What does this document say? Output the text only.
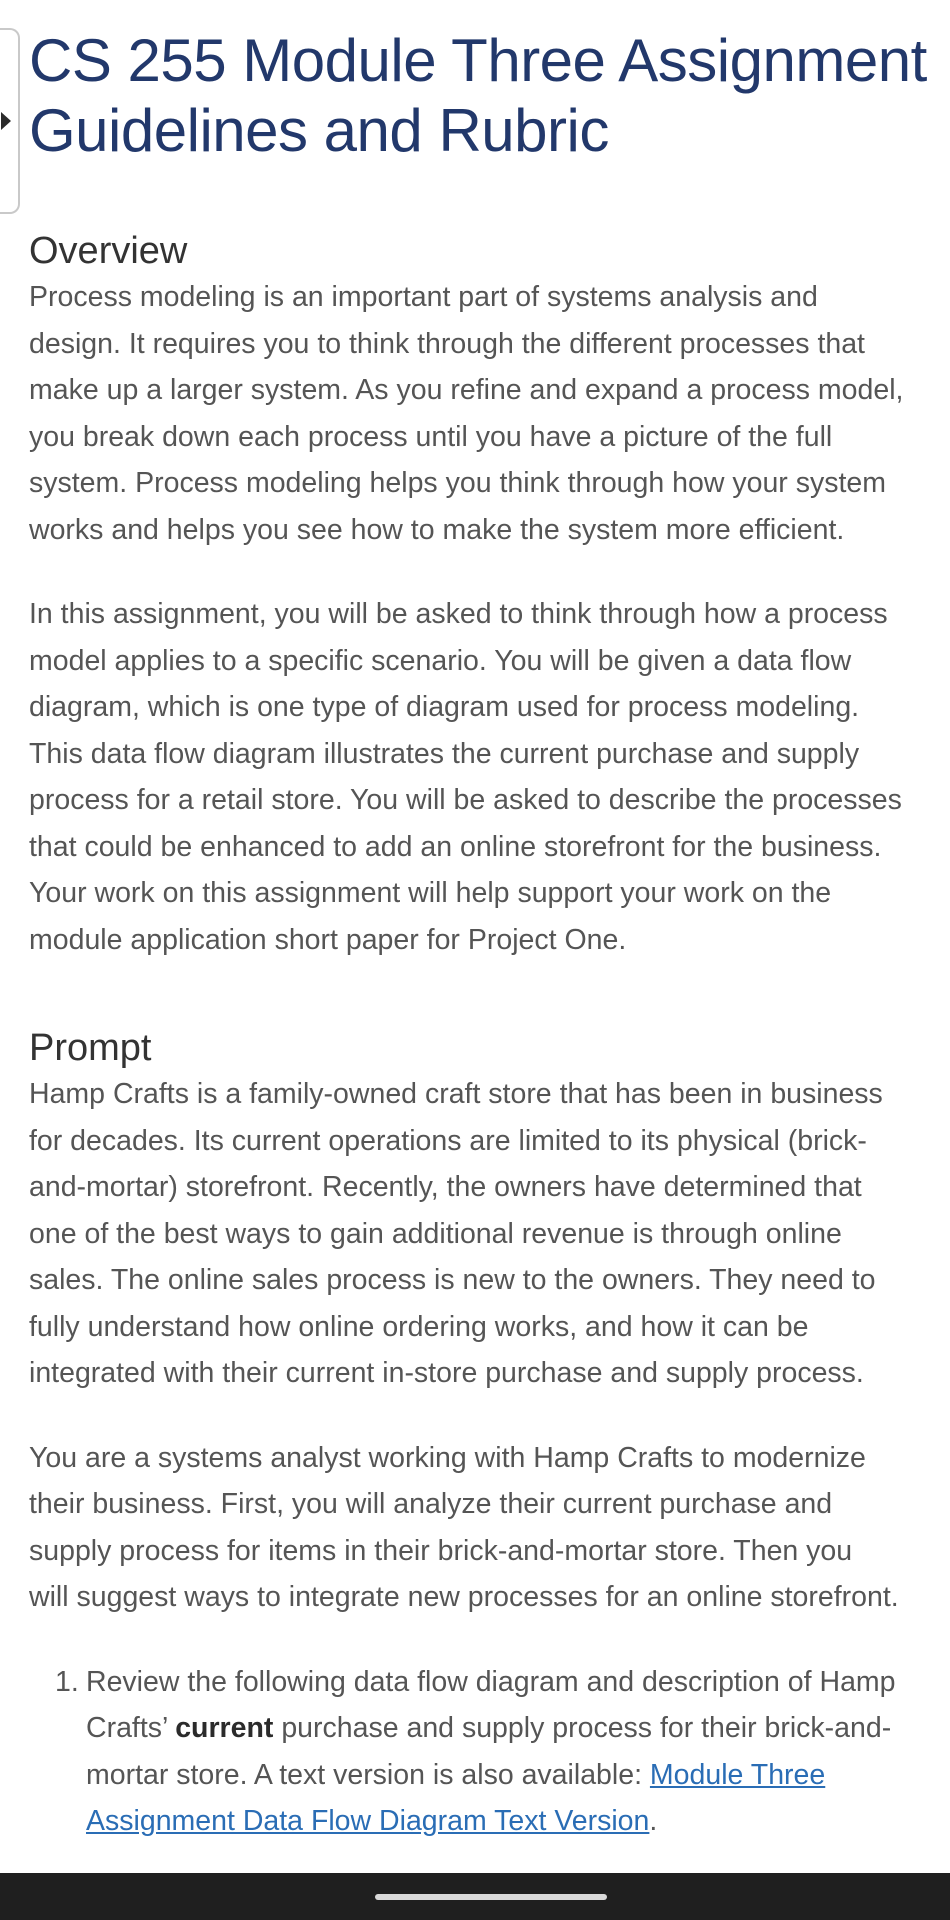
CS 255 Module Three Assignment
Guidelines and Rubric
Overview

Process modeling is an important part of systems analysis and
design. It requires you to think through the different processes that
make up a larger system. As you refine and expand a process model,
you break down each process until you have a picture of the full
system. Process modeling helps you think through how your system
works and helps you see how to make the system more efficient.

In this assignment, you will be asked to think through how a process
model applies to a specific scenario. You will be given a data flow
diagram, which is one type of diagram used for process modeling.
This data flow diagram illustrates the current purchase and supply
process for a retail store. You will be asked to describe the processes
that could be enhanced to add an online storefront for the business.
Your work on this assignment will help support your work on the
module application short paper for Project One.

Prompt

Hamp Crafts is a family-owned craft store that has been in business
for decades. Its current operations are limited to its physical (brick-
and-mortar) storefront. Recently, the owners have determined that
one of the best ways to gain additional revenue is through online
sales. The online sales process is new to the owners. They need to
fully understand how online ordering works, and how it can be
integrated with their current in-store purchase and supply process.

You are a systems analyst working with Hamp Crafts to modernize
their business. First, you will analyze their current purchase and
supply process for items in their brick-and-mortar store. Then you
will suggest ways to integrate new processes for an online storefront.

1. Review the following data flow diagram and description of Hamp
Crafts’ current purchase and supply process for their brick-and-
mortar store. A text version is also available: Module Three
Assignment Data Flow Diagram Text Version.
